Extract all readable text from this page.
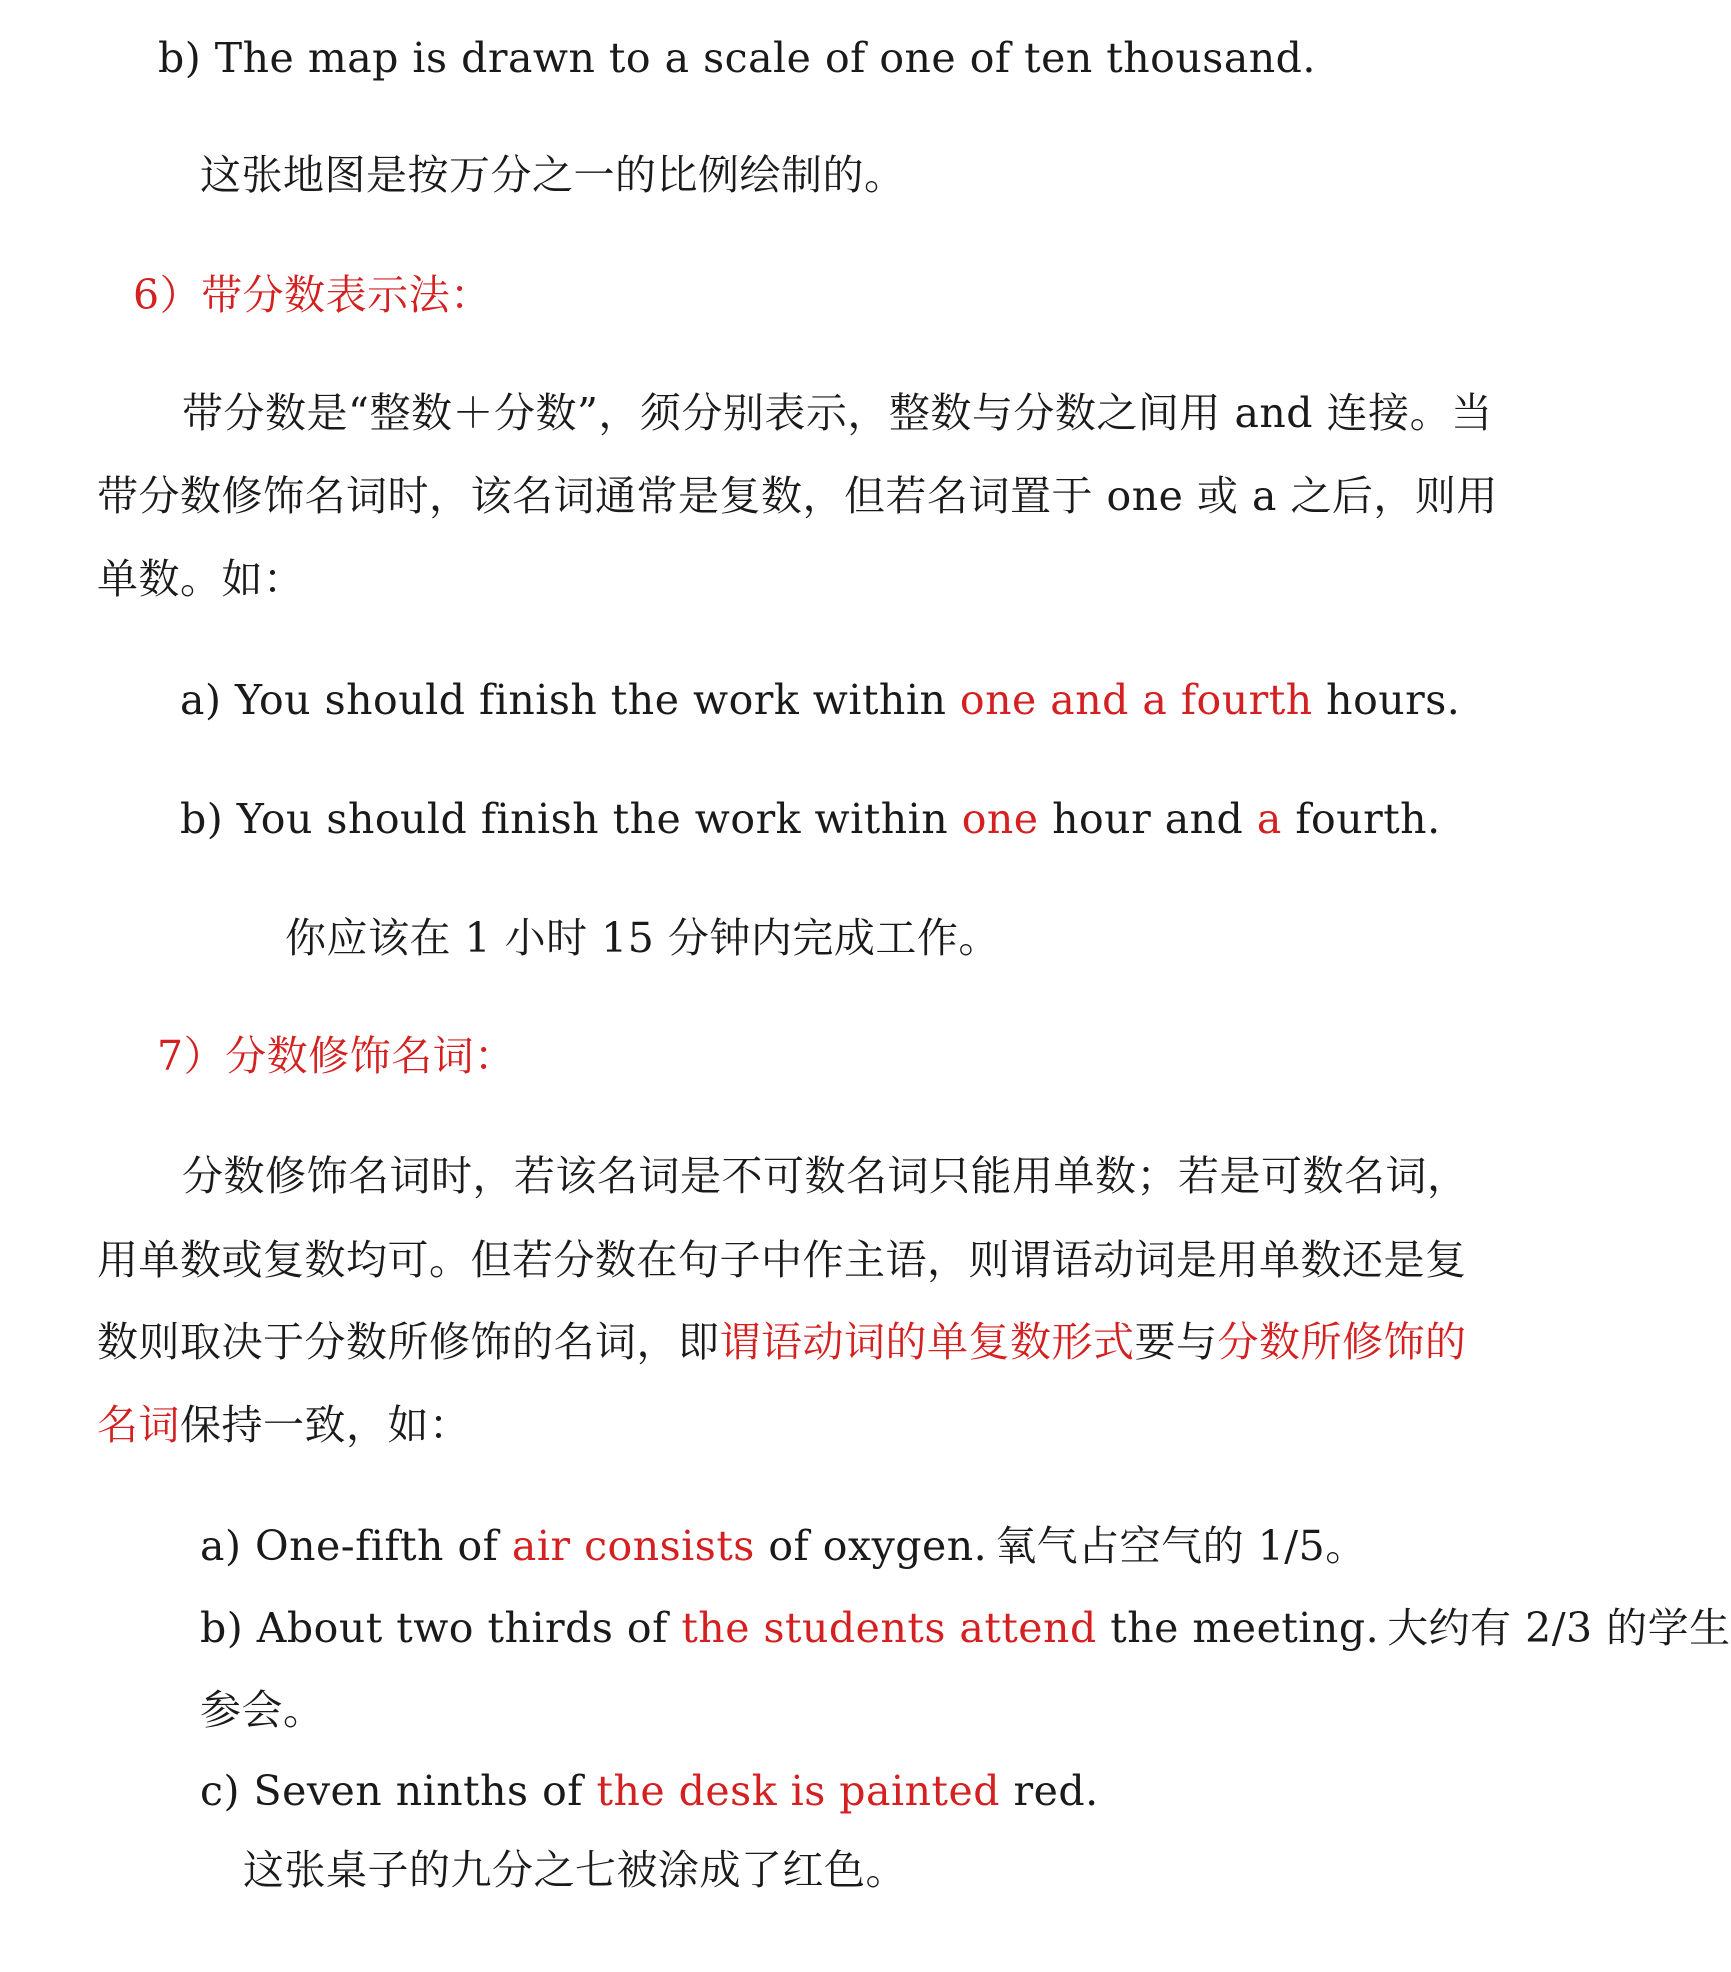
b) The map is drawn to a scale of one of ten thousand.
这张地图是按万分之一的比例绘制的。
6）带分数表示法：
带分数是“整数＋分数”，须分别表示，整数与分数之间用 and 连接。当
带分数修饰名词时，该名词通常是复数，但若名词置于 one 或 a 之后，则用
单数。如：
a) You should finish the work within one and a fourth hours.
b) You should finish the work within one hour and a fourth.
你应该在 1 小时 15 分钟内完成工作。
7）分数修饰名词：
分数修饰名词时，若该名词是不可数名词只能用单数；若是可数名词，
用单数或复数均可。但若分数在句子中作主语，则谓语动词是用单数还是复
数则取决于分数所修饰的名词，即谓语动词的单复数形式要与分数所修饰的
名词保持一致，如：
a) One-fifth of air consists of oxygen. 氧气占空气的 1/5。
b) About two thirds of the students attend the meeting. 大约有 2/3 的学生
参会。
c) Seven ninths of the desk is painted red.
这张桌子的九分之七被涂成了红色。
